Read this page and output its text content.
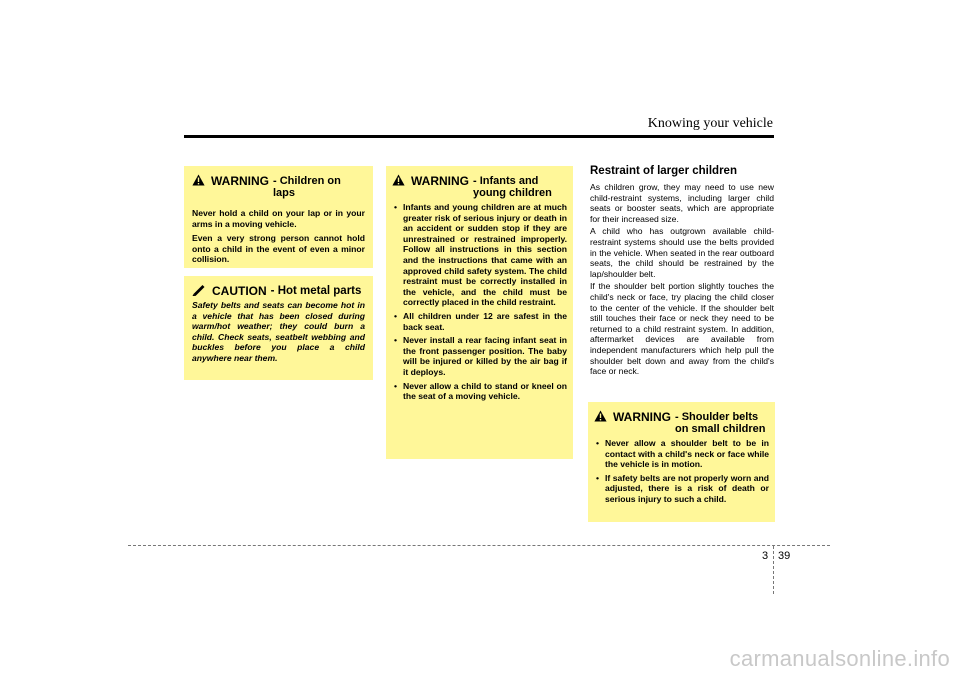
Knowing your vehicle
WARNING - Children on laps

Never hold a child on your lap or in your arms in a moving vehicle.

Even a very strong person cannot hold onto a child in the event of even a minor collision.

CAUTION - Hot metal parts

Safety belts and seats can become hot in a vehicle that has been closed during warm/hot weather; they could burn a child. Check seats, seatbelt webbing and buckles before you place a child anywhere near them.

WARNING - Infants and young children
• Infants and young children are at much greater risk of serious injury or death in an accident or sudden stop if they are unrestrained or restrained improperly. Follow all instructions in this section and the instructions that came with an approved child safety system. The child restraint must be correctly installed in the vehicle, and the child must be correctly placed in the child restraint.
• All children under 12 are safest in the back seat.
• Never install a rear facing infant seat in the front passenger position. The baby will be injured or killed by the air bag if it deploys.
• Never allow a child to stand or kneel on the seat of a moving vehicle.
Restraint of larger children

As children grow, they may need to use new child-restraint systems, including larger child seats or booster seats, which are appropriate for their increased size.

A child who has outgrown available child-restraint systems should use the belts provided in the vehicle. When seated in the rear outboard seats, the child should be restrained by the lap/shoulder belt.

If the shoulder belt portion slightly touches the child's neck or face, try placing the child closer to the center of the vehicle. If the shoulder belt still touches their face or neck they need to be returned to a child restraint system. In addition, aftermarket devices are available from independent manufacturers which help pull the shoulder belt down and away from the child's face or neck.

WARNING - Shoulder belts on small children
• Never allow a shoulder belt to be in contact with a child's neck or face while the vehicle is in motion.
• If safety belts are not properly worn and adjusted, there is a risk of death or serious injury to such a child.
3 39
carmanualsonline.info
